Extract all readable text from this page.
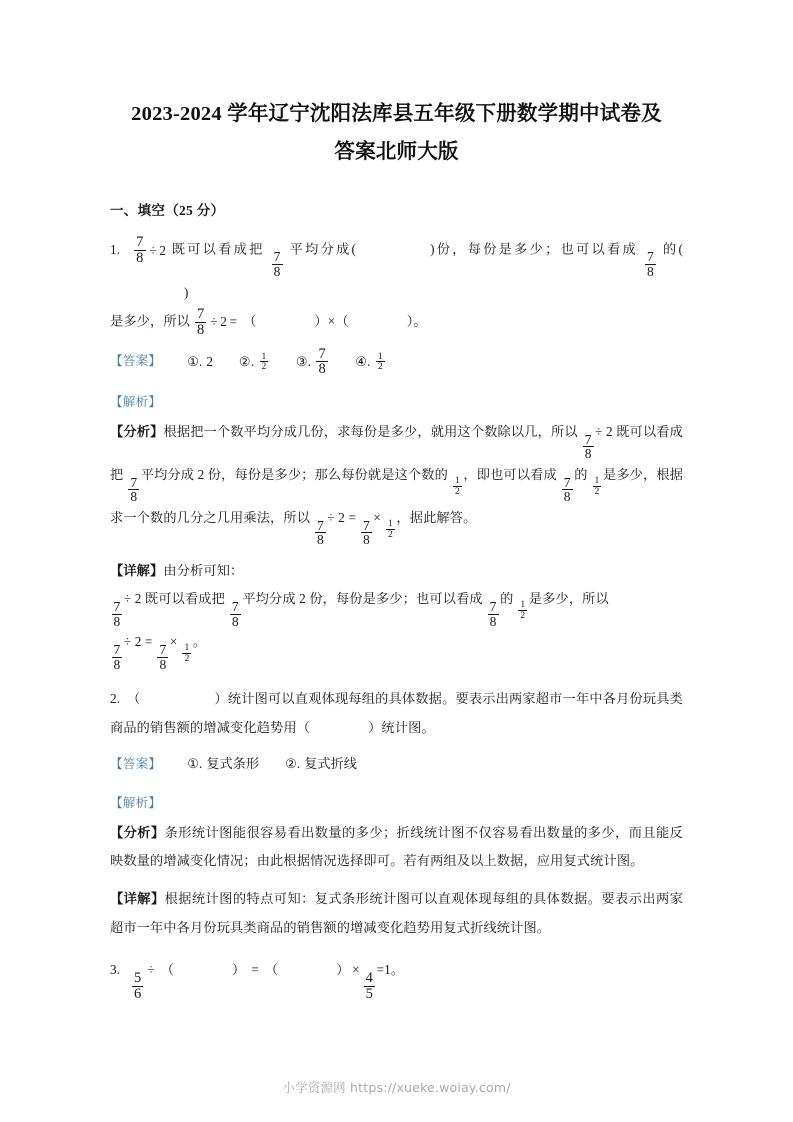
2023-2024 学年辽宁沈阳法库县五年级下册数学期中试卷及
答案北师大版

一、填空（25 分）

1. $\frac{7}{8} \div 2$ 既可以看成把
$\frac{7}{8}$
平均分成(	)份，每份是多少；也可以看成
$\frac{7}{8}$
的()

是多少，所以 $\frac{7}{8} \div 2$ = （	）×（	）。

【答案】 ①. 2 ②. $\frac{1}{2}$ ③. $\frac{7}{8}$ ④. $\frac{1}{2}$
【解析】

【分析】根据把一个数平均分成几份，求每份是多少，就用这个数除以几，所以
$\frac{7}{8}$
÷ 2 既可以看成把
$\frac{7}{8}$
平均分成 2 份，每份是多少；那么每份就是这个数的
$\frac{1}{2}$
，即也可以看成
$\frac{7}{8}$
的
$\frac{1}{2}$
是多少，根据求一个数的几分之几用乘法，所以
$\frac{7}{8}$
÷ 2 =
$\frac{7}{8}$
×
$\frac{1}{2}$
，据此解答。

【详解】由分析可知：

$\frac{7}{8}$
÷ 2 既可以看成把
$\frac{7}{8}$
平均分成 2 份，每份是多少；也可以看成
$\frac{7}{8}$
的
$\frac{1}{2}$
是多少，所以

$\frac{7}{8}$
÷ 2 =
$\frac{7}{8}$
×
$\frac{1}{2}$
。

2. （	）统计图可以直观体现每组的具体数据。要表示出两家超市一年中各月份玩具类商品的销售额的增减变化趋势用（	）统计图。

【答案】 ①. 复式条形 ②. 复式折线
【解析】

【分析】条形统计图能很容易看出数量的多少；折线统计图不仅容易看出数量的多少，而且能反映数量的增减变化情况；由此根据情况选择即可。若有两组及以上数据，应用复式统计图。

【详解】根据统计图的特点可知：复式条形统计图可以直观体现每组的具体数据。要表示出两家超市一年中各月份玩具类商品的销售额的增减变化趋势用复式折线统计图。

3.
$\frac{5}{6}$
÷ （	） = （	） ×
$\frac{4}{5}$
=1。

小学资源网 https://xueke.woiay.com/
